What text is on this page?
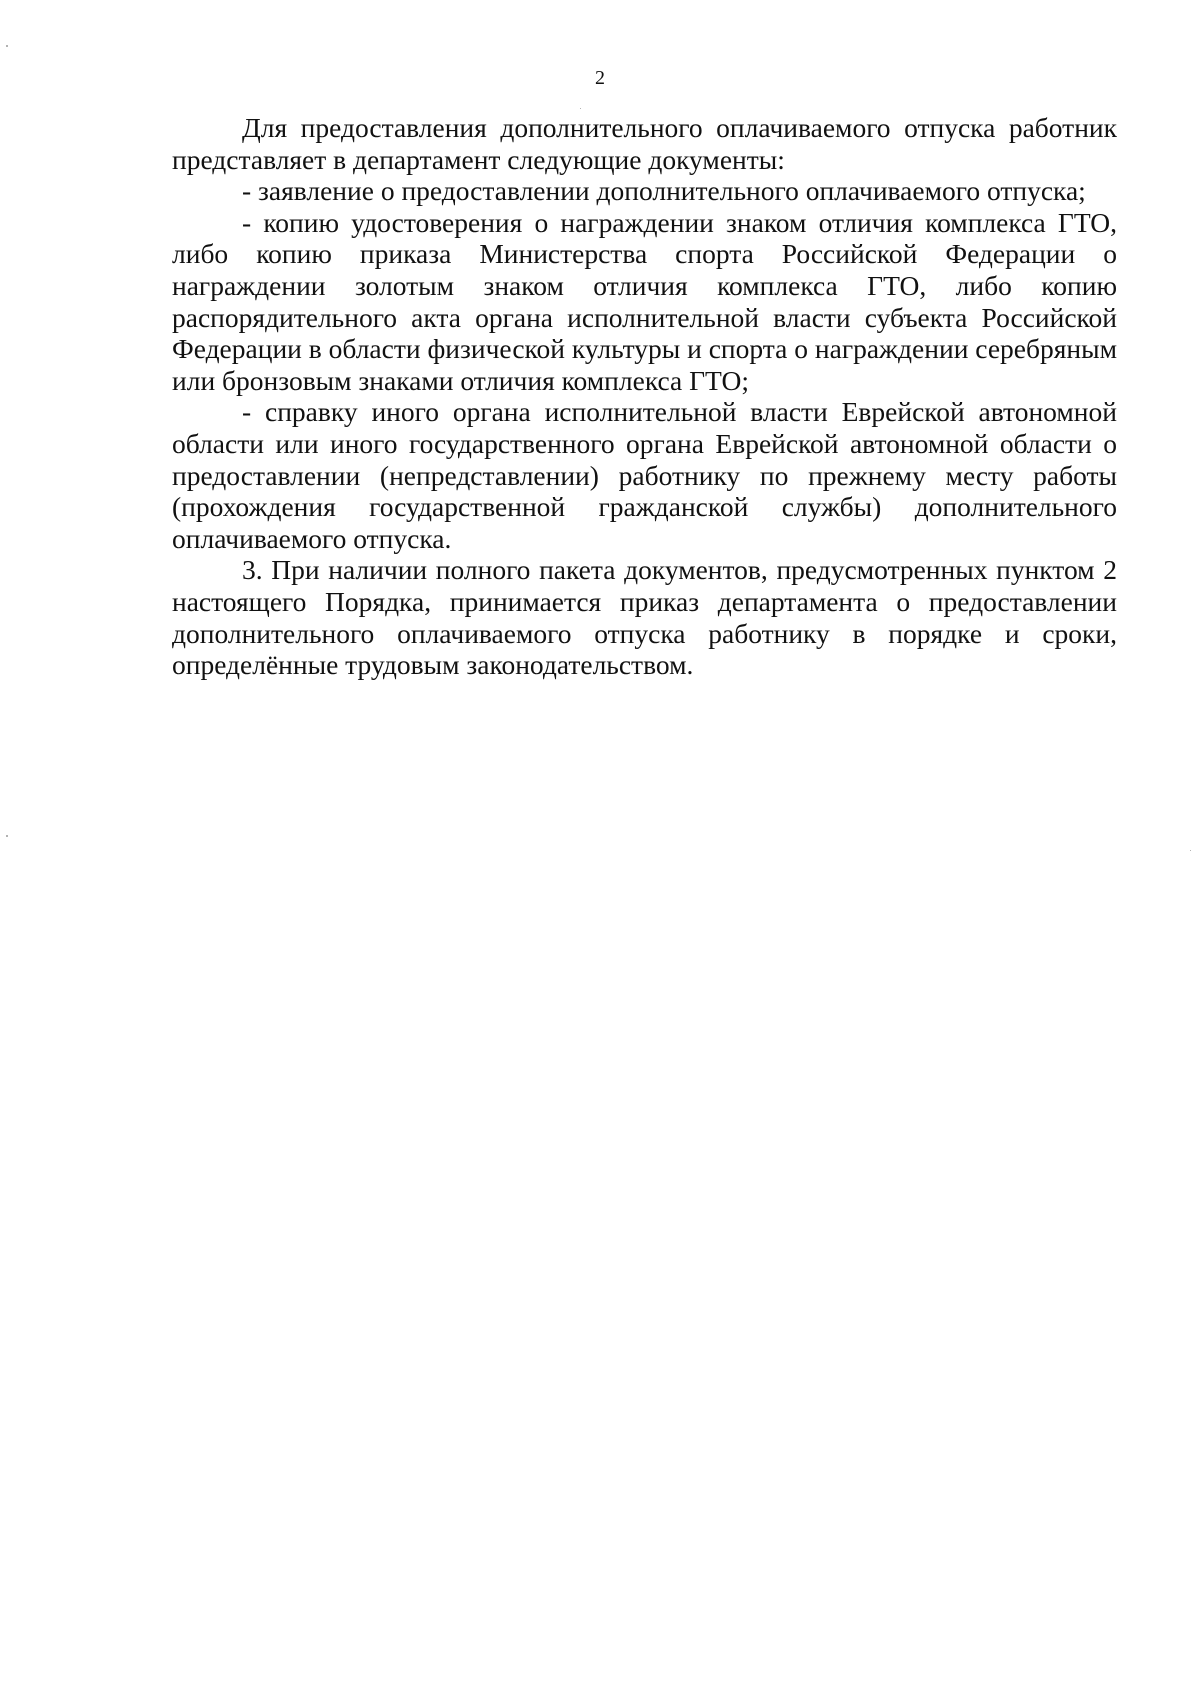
2

Для предоставления дополнительного оплачиваемого отпуска работник представляет в департамент следующие документы:

- заявление о предоставлении дополнительного оплачиваемого отпуска;

- копию удостоверения о награждении знаком отличия комплекса ГТО, либо копию приказа Министерства спорта Российской Федерации о награждении золотым знаком отличия комплекса ГТО, либо копию распорядительного акта органа исполнительной власти субъекта Российской Федерации в области физической культуры и спорта о награждении серебряным или бронзовым знаками отличия комплекса ГТО;

- справку иного органа исполнительной власти Еврейской автономной области или иного государственного органа Еврейской автономной области о предоставлении (непредставлении) работнику по прежнему месту работы (прохождения государственной гражданской службы) дополнительного оплачиваемого отпуска.

3. При наличии полного пакета документов, предусмотренных пунктом 2 настоящего Порядка, принимается приказ департамента о предоставлении дополнительного оплачиваемого отпуска работнику в порядке и сроки, определённые трудовым законодательством.
